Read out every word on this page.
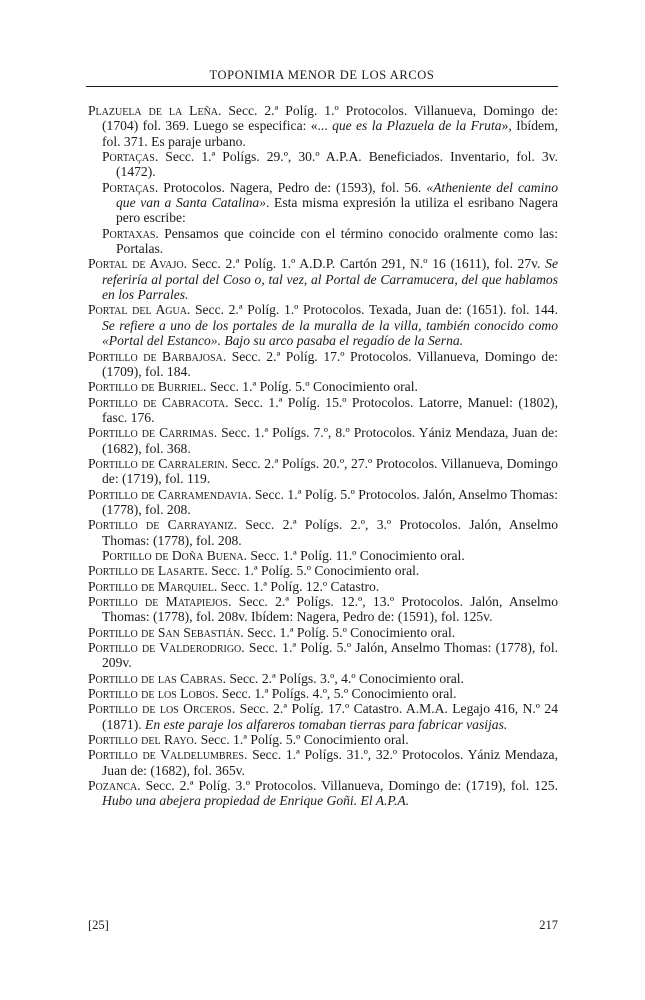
TOPONIMIA MENOR DE LOS ARCOS

Plazuela de la Leña. Secc. 2.ª Políg. 1.º Protocolos. Villanueva, Domingo de: (1704) fol. 369. Luego se especifica: «... que es la Plazuela de la Fruta», Ibídem, fol. 371. Es paraje urbano.

Portaças. Secc. 1.ª Polígs. 29.º, 30.º A.P.A. Beneficiados. Inventario, fol. 3v. (1472).

Portaças. Protocolos. Nagera, Pedro de: (1593), fol. 56. «Atheniente del camino que van a Santa Catalina». Esta misma expresión la utiliza el esribano Nagera pero escribe:

Portaxas. Pensamos que coincide con el término conocido oralmente como las: Portalas.

Portal de Avajo. Secc. 2.ª Políg. 1.º A.D.P. Cartón 291, N.º 16 (1611), fol. 27v. Se referiría al portal del Coso o, tal vez, al Portal de Carramucera, del que hablamos en los Parrales.

Portal del Agua. Secc. 2.ª Políg. 1.º Protocolos. Texada, Juan de: (1651). fol. 144. Se refiere a uno de los portales de la muralla de la villa, también conocido como «Portal del Estanco». Bajo su arco pasaba el regadío de la Serna.

Portillo de Barbajosa. Secc. 2.ª Políg. 17.º Protocolos. Villanueva, Domingo de: (1709), fol. 184.

Portillo de Burriel. Secc. 1.ª Políg. 5.º Conocimiento oral.

Portillo de Cabracota. Secc. 1.ª Políg. 15.º Protocolos. Latorre, Manuel: (1802), fasc. 176.

Portillo de Carrimas. Secc. 1.ª Polígs. 7.º, 8.º Protocolos. Yániz Mendaza, Juan de: (1682), fol. 368.

Portillo de Carralerin. Secc. 2.ª Polígs. 20.º, 27.º Protocolos. Villanueva, Domingo de: (1719), fol. 119.

Portillo de Carramendavia. Secc. 1.ª Políg. 5.º Protocolos. Jalón, Anselmo Thomas: (1778), fol. 208.

Portillo de Carrayaniz. Secc. 2.ª Polígs. 2.º, 3.º Protocolos. Jalón, Anselmo Thomas: (1778), fol. 208.

Portillo de Doña Buena. Secc. 1.ª Políg. 11.º Conocimiento oral.

Portillo de Lasarte. Secc. 1.ª Políg. 5.º Conocimiento oral.

Portillo de Marquiel. Secc. 1.ª Políg. 12.º Catastro.

Portillo de Matapiejos. Secc. 2.ª Polígs. 12.º, 13.º Protocolos. Jalón, Anselmo Thomas: (1778), fol. 208v. Ibídem: Nagera, Pedro de: (1591), fol. 125v.

Portillo de San Sebastián. Secc. 1.ª Políg. 5.º Conocimiento oral.

Portillo de Valderodrigo. Secc. 1.ª Políg. 5.º Jalón, Anselmo Thomas: (1778), fol. 209v.

Portillo de las Cabras. Secc. 2.ª Polígs. 3.º, 4.º Conocimiento oral.

Portillo de los Lobos. Secc. 1.ª Polígs. 4.º, 5.º Conocimiento oral.

Portillo de los Orceros. Secc. 2.ª Políg. 17.º Catastro. A.M.A. Legajo 416, N.º 24 (1871). En este paraje los alfareros tomaban tierras para fabricar vasijas.

Portillo del Rayo. Secc. 1.ª Políg. 5.º Conocimiento oral.

Portillo de Valdelumbres. Secc. 1.ª Polígs. 31.º, 32.º Protocolos. Yániz Mendaza, Juan de: (1682), fol. 365v.

Pozanca. Secc. 2.ª Políg. 3.º Protocolos. Villanueva, Domingo de: (1719), fol. 125. Hubo una abejera propiedad de Enrique Goñi. El A.P.A.

[25]	217
